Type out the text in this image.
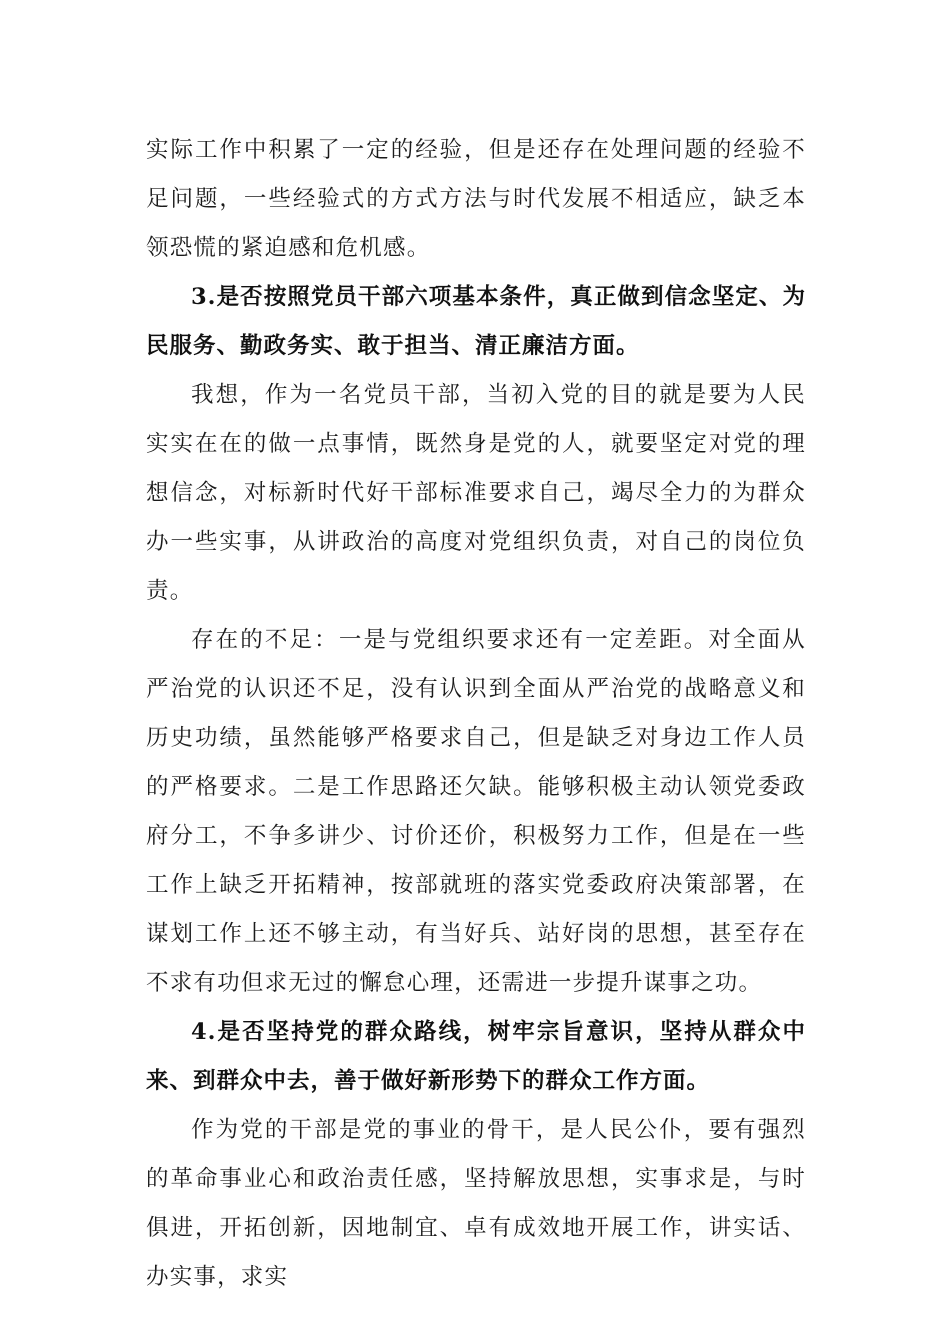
实际工作中积累了一定的经验，但是还存在处理问题的经验不足问题，一些经验式的方式方法与时代发展不相适应，缺乏本领恐慌的紧迫感和危机感。

3.是否按照党员干部六项基本条件，真正做到信念坚定、为民服务、勤政务实、敢于担当、清正廉洁方面。

我想，作为一名党员干部，当初入党的目的就是要为人民实实在在的做一点事情，既然身是党的人，就要坚定对党的理想信念，对标新时代好干部标准要求自己，竭尽全力的为群众办一些实事，从讲政治的高度对党组织负责，对自己的岗位负责。

存在的不足：一是与党组织要求还有一定差距。对全面从严治党的认识还不足，没有认识到全面从严治党的战略意义和历史功绩，虽然能够严格要求自己，但是缺乏对身边工作人员的严格要求。二是工作思路还欠缺。能够积极主动认领党委政府分工，不争多讲少、讨价还价，积极努力工作，但是在一些工作上缺乏开拓精神，按部就班的落实党委政府决策部署，在谋划工作上还不够主动，有当好兵、站好岗的思想，甚至存在不求有功但求无过的懈怠心理，还需进一步提升谋事之功。

4.是否坚持党的群众路线，树牢宗旨意识，坚持从群众中来、到群众中去，善于做好新形势下的群众工作方面。

作为党的干部是党的事业的骨干，是人民公仆，要有强烈的革命事业心和政治责任感，坚持解放思想，实事求是，与时俱进，开拓创新，因地制宜、卓有成效地开展工作，讲实话、办实事，求实
